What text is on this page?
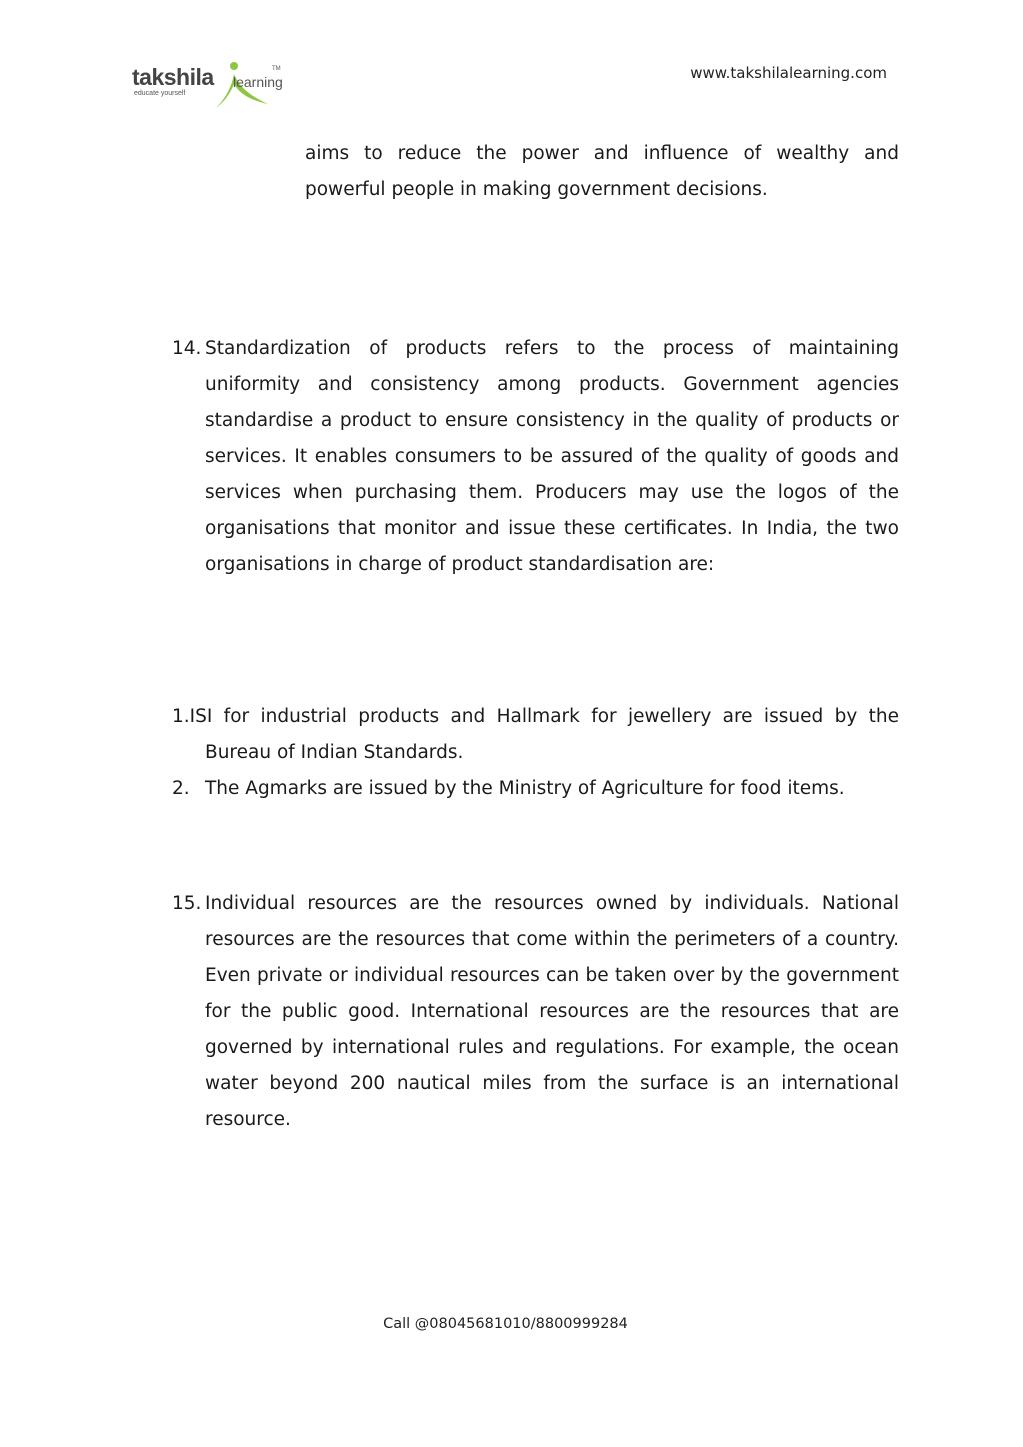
takshila
educate yourself
learning
TM	www.takshilalearning.com

aims to reduce the power and influence of wealthy and powerful people in making government decisions.

14. Standardization of products refers to the process of maintaining uniformity and consistency among products. Government agencies standardise a product to ensure consistency in the quality of products or services. It enables consumers to be assured of the quality of goods and services when purchasing them. Producers may use the logos of the organisations that monitor and issue these certificates. In India, the two organisations in charge of product standardisation are:

1.ISI for industrial products and Hallmark for jewellery are issued by the Bureau of Indian Standards.

2. The Agmarks are issued by the Ministry of Agriculture for food items.

15. Individual resources are the resources owned by individuals. National resources are the resources that come within the perimeters of a country. Even private or individual resources can be taken over by the government for the public good. International resources are the resources that are governed by international rules and regulations. For example, the ocean water beyond 200 nautical miles from the surface is an international resource.

Call @08045681010/8800999284
